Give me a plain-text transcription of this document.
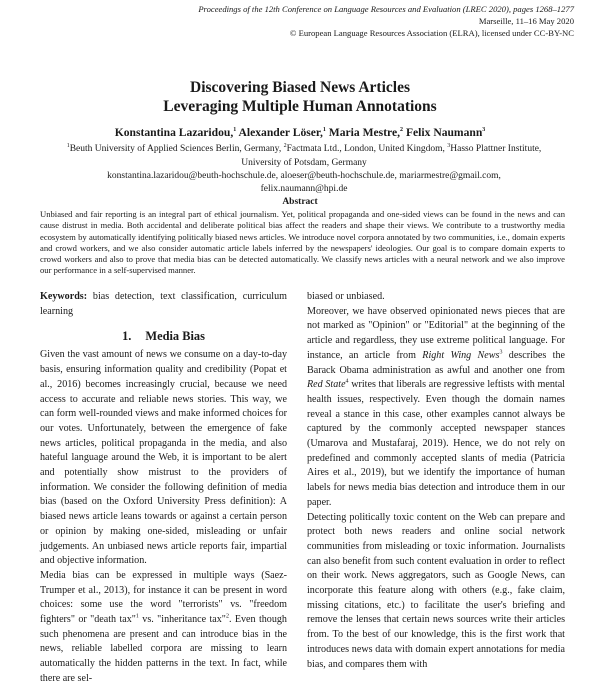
Proceedings of the 12th Conference on Language Resources and Evaluation (LREC 2020), pages 1268–1277
Marseille, 11–16 May 2020
© European Language Resources Association (ELRA), licensed under CC-BY-NC
Discovering Biased News Articles
Leveraging Multiple Human Annotations
Konstantina Lazaridou,$^1$ Alexander Löser,$^1$ Maria Mestre,$^2$ Felix Naumann$^3$
$^1$Beuth University of Applied Sciences Berlin, Germany, $^2$Factmata Ltd., London, United Kingdom, $^3$Hasso Plattner Institute,
University of Potsdam, Germany
konstantina.lazaridou@beuth-hochschule.de, aloeser@beuth-hochschule.de, mariarmestre@gmail.com,
felix.naumann@hpi.de
Abstract
Unbiased and fair reporting is an integral part of ethical journalism. Yet, political propaganda and one-sided views can be found in the news and can cause distrust in media. Both accidental and deliberate political bias affect the readers and shape their views. We contribute to a trustworthy media ecosystem by automatically identifying politically biased news articles. We introduce novel corpora annotated by two communities, i.e., domain experts and crowd workers, and we also consider automatic article labels inferred by the newspapers' ideologies. Our goal is to compare domain experts to crowd workers and also to prove that media bias can be detected automatically. We classify news articles with a neural network and we also improve our performance in a self-supervised manner.

Keywords: bias detection, text classification, curriculum learning

1. Media Bias

Given the vast amount of news we consume on a day-to-day basis, ensuring information quality and credibility (Popat et al., 2016) becomes increasingly crucial, because we need access to accurate and reliable news stories. This way, we can form well-rounded views and make informed choices for our votes. Unfortunately, between the emergence of fake news articles, political propaganda in the media, and also hateful language around the Web, it is important to be alert and potentially show mistrust to the providers of information. We consider the following definition of media bias (based on the Oxford University Press definition): A biased news article leans towards or against a certain person or opinion by making one-sided, misleading or unfair judgements. An unbiased news article reports fair, impartial and objective information.

Media bias can be expressed in multiple ways (Saez-Trumper et al., 2013), for instance it can be present in word choices: some use the word "terrorists" vs. "freedom fighters" or "death tax"$^1$ vs. "inheritance tax"$^2$. Even though such phenomena are present and can introduce bias in the news, reliable labelled corpora are missing to learn automatically the hidden patterns in the text. In fact, while there are sel-

biased or unbiased.

Moreover, we have observed opinionated news pieces that are not marked as "Opinion" or "Editorial" at the beginning of the article and regardless, they use extreme political language. For instance, an article from Right Wing News$^3$ describes the Barack Obama administration as awful and another one from Red State$^4$ writes that liberals are regressive leftists with mental health issues, respectively. Even though the domain names reveal a stance in this case, other examples cannot always be captured by the commonly accepted newspaper stances (Umarova and Mustafaraj, 2019). Hence, we do not rely on predefined and commonly accepted slants of media (Patricia Aires et al., 2019), but we identify the importance of human labels for news media bias detection and introduce them in our paper.

Detecting politically toxic content on the Web can prepare and protect both news readers and online social network communities from misleading or toxic information. Journalists can also benefit from such content evaluation in order to reflect on their work. News aggregators, such as Google News, can incorporate this feature along with others (e.g., fake claim, missing citations, etc.) to facilitate the user's briefing and remove the lenses that certain news sources write their articles from. To the best of our knowledge, this is the first work that introduces news data with domain expert annotations for media bias, and compares them with
